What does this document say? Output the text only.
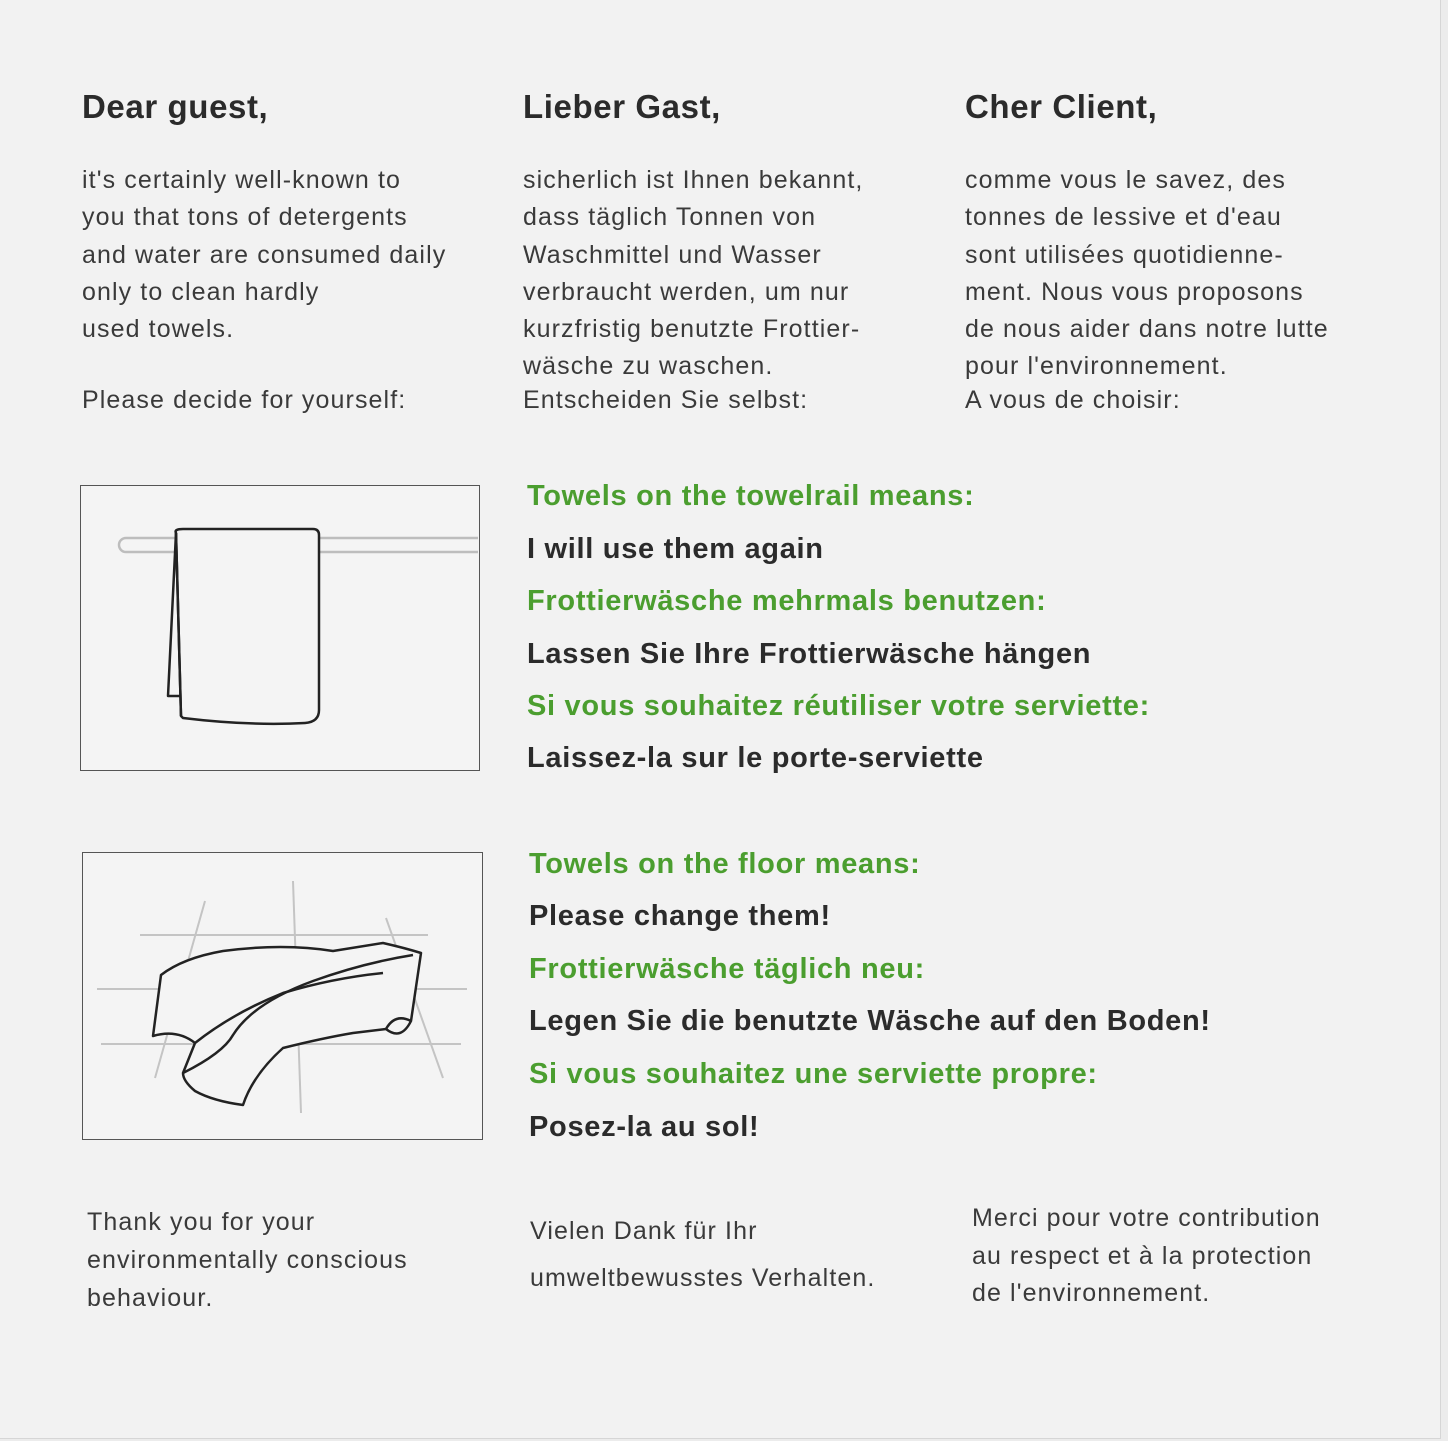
Dear guest,
it's certainly well-known to
you that tons of detergents
and water are consumed daily
only to clean hardly
used towels.
Please decide for yourself:
Lieber Gast,
sicherlich ist Ihnen bekannt,
dass täglich Tonnen von
Waschmittel und Wasser
verbraucht werden, um nur
kurzfristig benutzte Frottier-
wäsche zu waschen.
Entscheiden Sie selbst:
Cher Client,
comme vous le savez, des
tonnes de lessive et d'eau
sont utilisées quotidienne-
ment. Nous vous proposons
de nous aider dans notre lutte
pour l'environnement.
A vous de choisir:
Towels on the towelrail means:
I will use them again
Frottierwäsche mehrmals benutzen:
Lassen Sie Ihre Frottierwäsche hängen
Si vous souhaitez réutiliser votre serviette:
Laissez-la sur le porte-serviette
Towels on the floor means:
Please change them!
Frottierwäsche täglich neu:
Legen Sie die benutzte Wäsche auf den Boden!
Si vous souhaitez une serviette propre:
Posez-la au sol!
Thank you for your
environmentally conscious
behaviour.
Vielen Dank für Ihr
umweltbewusstes Verhalten.
Merci pour votre contribution
au respect et à la protection
de l'environnement.
